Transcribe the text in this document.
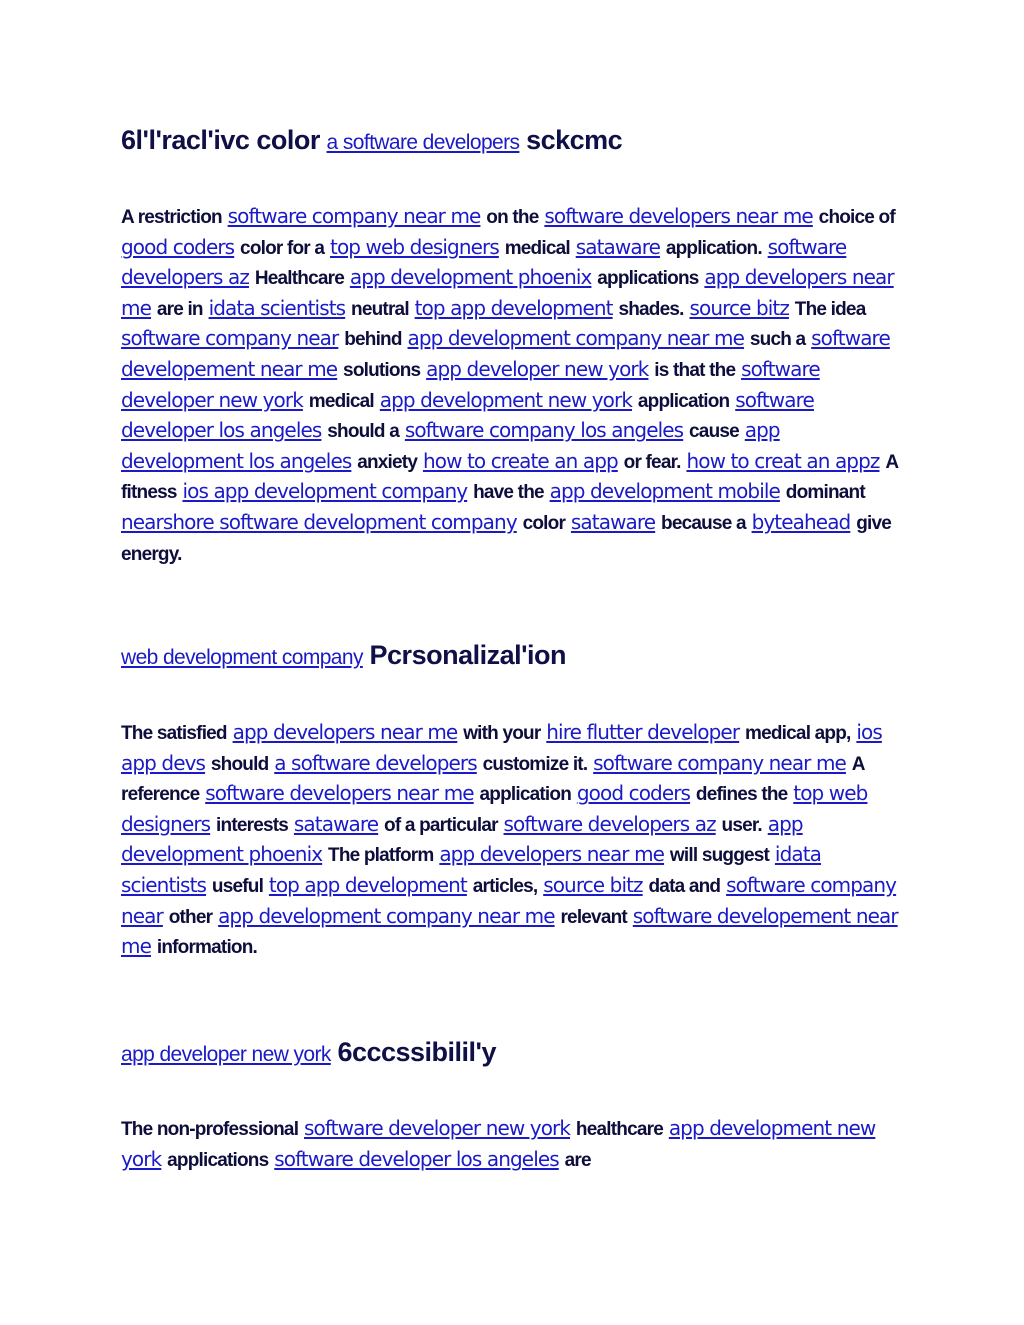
6l'l'racl'ivc color a software developers sckcmc

A restriction software company near me on the software developers near me choice of good coders color for a top web designers medical sataware application. software developers az Healthcare app development phoenix applications app developers near me are in idata scientists neutral top app development shades. source bitz The idea software company near behind app development company near me such a software developement near me solutions app developer new york is that the software developer new york medical app development new york application software developer los angeles should a software company los angeles cause app development los angeles anxiety how to create an app or fear. how to creat an appz A fitness ios app development company have the app development mobile dominant nearshore software development company color sataware because a byteahead give energy.

web development company Pcrsonalizal'ion

The satisfied app developers near me with your hire flutter developer medical app, ios app devs should a software developers customize it. software company near me A reference software developers near me application good coders defines the top web designers interests sataware of a particular software developers az user. app development phoenix The platform app developers near me will suggest idata scientists useful top app development articles, source bitz data and software company near other app development company near me relevant software developement near me information.

app developer new york 6cccssibilil'y

The non-professional software developer new york healthcare app development new york applications software developer los angeles are
